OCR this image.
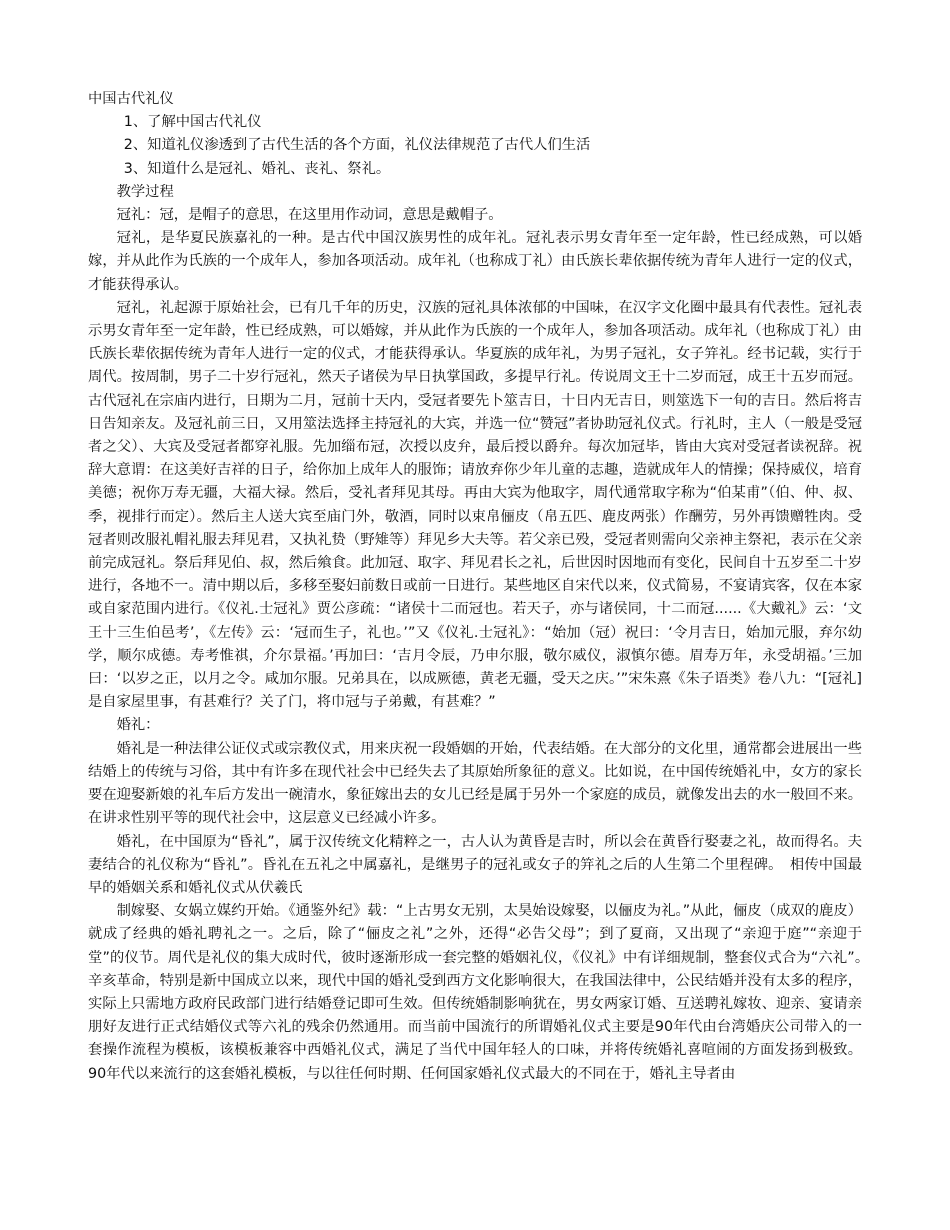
中国古代礼仪

1、了解中国古代礼仪

2、知道礼仪渗透到了古代生活的各个方面，礼仪法律规范了古代人们生活

3、知道什么是冠礼、婚礼、丧礼、祭礼。

教学过程

冠礼：冠，是帽子的意思，在这里用作动词，意思是戴帽子。

冠礼，是华夏民族嘉礼的一种。是古代中国汉族男性的成年礼。冠礼表示男女青年至一定年龄，性已经成熟，可以婚嫁，并从此作为氏族的一个成年人，参加各项活动。成年礼（也称成丁礼）由氏族长辈依据传统为青年人进行一定的仪式，才能获得承认。

冠礼，礼起源于原始社会，已有几千年的历史，汉族的冠礼具体浓郁的中国味，在汉字文化圈中最具有代表性。冠礼表示男女青年至一定年龄，性已经成熟，可以婚嫁，并从此作为氏族的一个成年人，参加各项活动。成年礼（也称成丁礼）由氏族长辈依据传统为青年人进行一定的仪式，才能获得承认。华夏族的成年礼，为男子冠礼，女子笄礼。经书记载，实行于周代。按周制，男子二十岁行冠礼，然天子诸侯为早日执掌国政，多提早行礼。传说周文王十二岁而冠，成王十五岁而冠。古代冠礼在宗庙内进行，日期为二月，冠前十天内，受冠者要先卜筮吉日，十日内无吉日，则筮选下一旬的吉日。然后将吉日告知亲友。及冠礼前三日，又用筮法选择主持冠礼的大宾，并选一位“赞冠”者协助冠礼仪式。行礼时，主人（一般是受冠者之父）、大宾及受冠者都穿礼服。先加缁布冠，次授以皮弁，最后授以爵弁。每次加冠毕，皆由大宾对受冠者读祝辞。祝辞大意谓：在这美好吉祥的日子，给你加上成年人的服饰；请放弃你少年儿童的志趣，造就成年人的情操；保持威仪，培育美德；祝你万寿无疆，大福大禄。然后，受礼者拜见其母。再由大宾为他取字，周代通常取字称为“伯某甫”（伯、仲、叔、季，视排行而定）。然后主人送大宾至庙门外，敬酒，同时以束帛俪皮（帛五匹、鹿皮两张）作酬劳，另外再馈赠牲肉。受冠者则改服礼帽礼服去拜见君，又执礼贽（野雉等）拜见乡大夫等。若父亲已殁，受冠者则需向父亲神主祭祀，表示在父亲前完成冠礼。祭后拜见伯、叔，然后飨食。此加冠、取字、拜见君长之礼，后世因时因地而有变化，民间自十五岁至二十岁进行，各地不一。清中期以后，多移至娶妇前数日或前一日进行。某些地区自宋代以来，仪式简易，不宴请宾客，仅在本家或自家范围内进行。《仪礼.士冠礼》贾公彦疏：“诸侯十二而冠也。若天子，亦与诸侯同，十二而冠......《大戴礼》云：‘文王十三生伯邑考’，《左传》云：‘冠而生子，礼也。’”又《仪礼.士冠礼》：“始加（冠）祝曰：‘令月吉日，始加元服，弃尔幼学，顺尔成德。寿考惟祺，介尔景福。’再加曰：‘吉月令辰，乃申尔服，敬尔威仪，淑慎尔德。眉寿万年，永受胡福。’三加曰：‘以岁之正，以月之令。咸加尔服。兄弟具在，以成厥德，黄老无疆，受天之庆。’”宋朱熹《朱子语类》卷八九：“[冠礼]是自家屋里事，有甚难行？关了门，将巾冠与子弟戴，有甚难？”

婚礼：

婚礼是一种法律公证仪式或宗教仪式，用来庆祝一段婚姻的开始，代表结婚。在大部分的文化里，通常都会进展出一些结婚上的传统与习俗，其中有许多在现代社会中已经失去了其原始所象征的意义。比如说，在中国传统婚礼中，女方的家长要在迎娶新娘的礼车后方发出一碗清水，象征嫁出去的女儿已经是属于另外一个家庭的成员，就像发出去的水一般回不来。在讲求性别平等的现代社会中，这层意义已经减小许多。

婚礼，在中国原为“昏礼”，属于汉传统文化精粹之一，古人认为黄昏是吉时，所以会在黄昏行娶妻之礼，故而得名。夫妻结合的礼仪称为“昏礼”。昏礼在五礼之中属嘉礼，是继男子的冠礼或女子的笄礼之后的人生第二个里程碑。　相传中国最早的婚姻关系和婚礼仪式从伏羲氏

制嫁娶、女娲立媒约开始。《通鉴外纪》载：“上古男女无别，太昊始设嫁娶，以俪皮为礼。”从此，俪皮（成双的鹿皮）就成了经典的婚礼聘礼之一。之后，除了“俪皮之礼”之外，还得“必告父母”；到了夏商，又出现了“亲迎于庭”“亲迎于堂”的仪节。周代是礼仪的集大成时代，彼时逐渐形成一套完整的婚姻礼仪，《仪礼》中有详细规制，整套仪式合为“六礼”。　辛亥革命，特别是新中国成立以来，现代中国的婚礼受到西方文化影响很大，在我国法律中，公民结婚并没有太多的程序，实际上只需地方政府民政部门进行结婚登记即可生效。但传统婚制影响犹在，男女两家订婚、互送聘礼嫁妆、迎亲、宴请亲朋好友进行正式结婚仪式等六礼的残余仍然通用。而当前中国流行的所谓婚礼仪式主要是90年代由台湾婚庆公司带入的一套操作流程为模板，该模板兼容中西婚礼仪式，满足了当代中国年轻人的口味，并将传统婚礼喜喧闹的方面发扬到极致。90年代以来流行的这套婚礼模板，与以往任何时期、任何国家婚礼仪式最大的不同在于，婚礼主导者由
